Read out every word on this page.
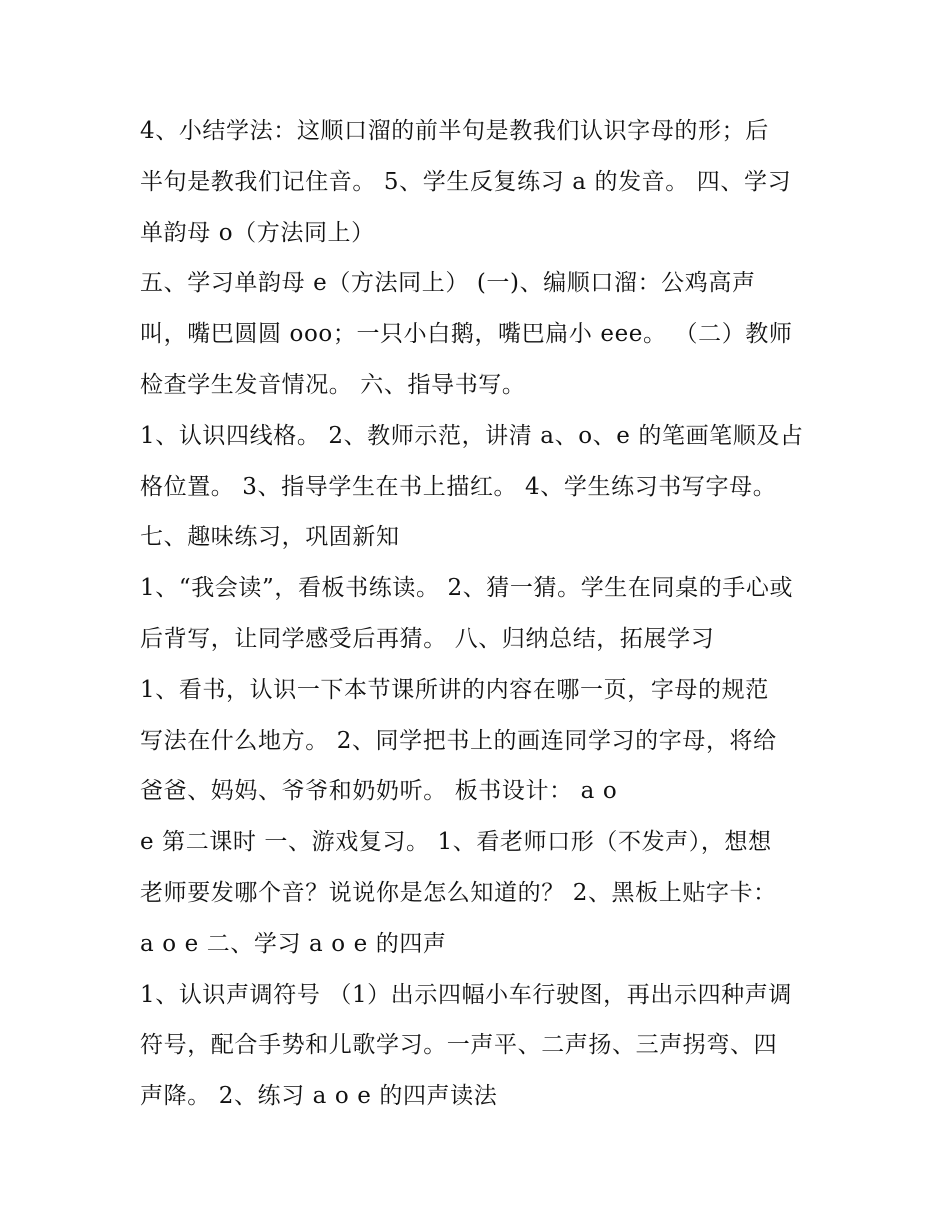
4、小结学法：这顺口溜的前半句是教我们认识字母的形；后
半句是教我们记住音。 5、学生反复练习 a 的发音。 四、学习
单韵母 o（方法同上）
五、学习单韵母 e（方法同上） (一)、编顺口溜：公鸡高声
叫，嘴巴圆圆 ooo；一只小白鹅，嘴巴扁小 eee。 （二）教师
检查学生发音情况。 六、指导书写。
1、认识四线格。 2、教师示范，讲清 a、o、e 的笔画笔顺及占
格位置。 3、指导学生在书上描红。 4、学生练习书写字母。
七、趣味练习，巩固新知
1、“我会读”，看板书练读。 2、猜一猜。学生在同桌的手心或
后背写，让同学感受后再猜。 八、归纳总结，拓展学习
1、看书，认识一下本节课所讲的内容在哪一页，字母的规范
写法在什么地方。 2、同学把书上的画连同学习的字母，将给
爸爸、妈妈、爷爷和奶奶听。 板书设计： a o
e 第二课时 一、游戏复习。 1、看老师口形（不发声），想想
老师要发哪个音？说说你是怎么知道的？ 2、黑板上贴字卡：
a o e 二、学习 a o e 的四声
1、认识声调符号 （1）出示四幅小车行驶图，再出示四种声调
符号，配合手势和儿歌学习。一声平、二声扬、三声拐弯、四
声降。 2、练习 a o e 的四声读法
